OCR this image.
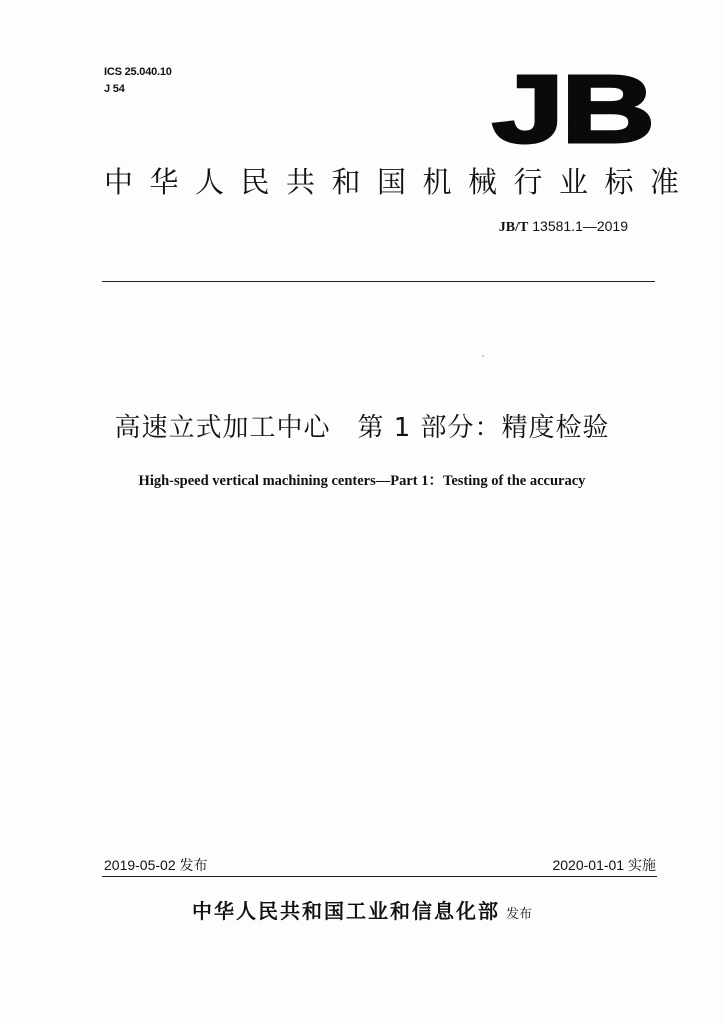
ICS 25.040.10
J 54	JB
中华人民共和国机械行业标准
JB/T 13581.1—2019
高速立式加工中心　第 1 部分：精度检验
High-speed vertical machining centers—Part 1：Testing of the accuracy
2019-05-02 发布	2020-01-01 实施
中华人民共和国工业和信息化部 发布
